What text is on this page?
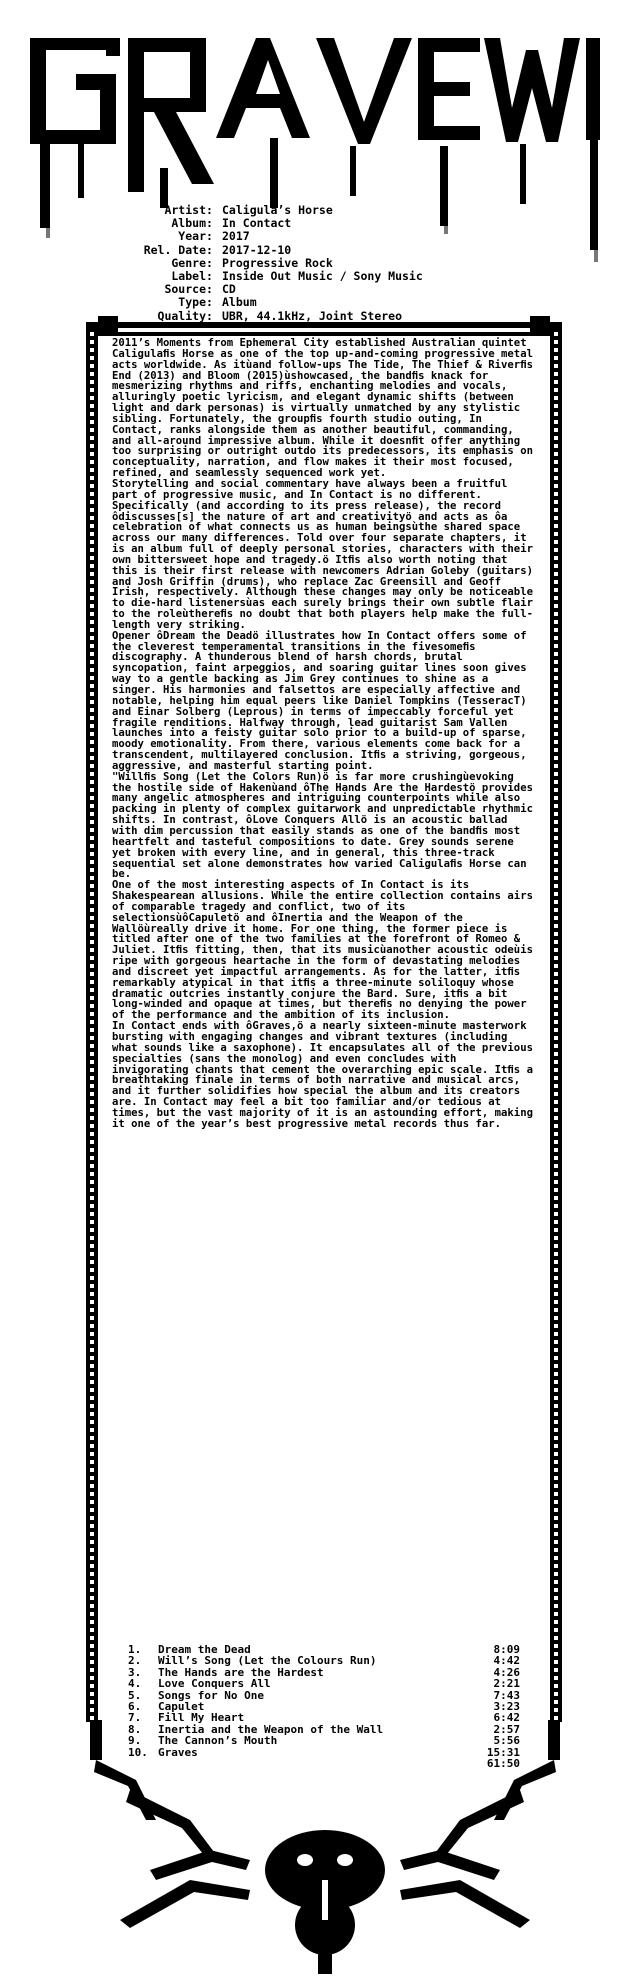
GRAVEWISH
Artist : Caligula’s Horse
Album : In Contact
Year : 2017
Rel. Date : 2017-12-10
Genre : Progressive Rock
Label : Inside Out Music / Sony Music
Source : CD
Type : Album
Quality : UBR, 44.1kHz, Joint Stereo

2011’s Moments from Ephemeral City established Australian quintet Caligulaﬁs Horse as one of the top up-and-coming progressive metal acts worldwide. As itùand follow-ups The Tide, The Thief & Riverﬁs End (2013) and Bloom (2015)ùshowcased, the bandﬁs knack for mesmerizing rhythms and riffs, enchanting melodies and vocals, alluringly poetic lyricism, and elegant dynamic shifts (between light and dark personas) is virtually unmatched by any stylistic sibling. Fortunately, the groupﬁs fourth studio outing, In Contact, ranks alongside them as another beautiful, commanding, and all-around impressive album. While it doesnﬁt offer anything too surprising or outright outdo its predecessors, its emphasis on conceptuality, narration, and flow makes it their most focused, refined, and seamlessly sequenced work yet.

Storytelling and social commentary have always been a fruitful part of progressive music, and In Contact is no different. Specifically (and according to its press release), the record ôdiscusses[s] the nature of art and creativityö and acts as ôa celebration of what connects us as human beingsùthe shared space across our many differences. Told over four separate chapters, it is an album full of deeply personal stories, characters with their own bittersweet hope and tragedy.ö Itﬁs also worth noting that this is their first release with newcomers Adrian Goleby (guitars) and Josh Griffin (drums), who replace Zac Greensill and Geoff Irish, respectively. Although these changes may only be noticeable to die-hard listenersùas each surely brings their own subtle flair to the roleùthereﬁs no doubt that both players help make the full-length very striking.

Opener ôDream the Deadö illustrates how In Contact offers some of the cleverest temperamental transitions in the fivesomeﬁs discography. A thunderous blend of harsh chords, brutal syncopation, faint arpeggios, and soaring guitar lines soon gives way to a gentle backing as Jim Grey continues to shine as a singer. His harmonies and falsettos are especially affective and notable, helping him equal peers like Daniel Tompkins (TesseracT) and Einar Solberg (Leprous) in terms of impeccably forceful yet fragile renditions. Halfway through, lead guitarist Sam Vallen launches into a feisty guitar solo prior to a build-up of sparse, moody emotionality. From there, various elements come back for a transcendent, multilayered conclusion. Itﬁs a striving, gorgeous, aggressive, and masterful starting point.

"Willﬁs Song (Let the Colors Run)ö is far more crushingùevoking the hostile side of Hakenùand ôThe Hands Are the Hardestö provides many angelic atmospheres and intriguing counterpoints while also packing in plenty of complex guitarwork and unpredictable rhythmic shifts. In contrast, ôLove Conquers Allö is an acoustic ballad with dim percussion that easily stands as one of the bandﬁs most heartfelt and tasteful compositions to date. Grey sounds serene yet broken with every line, and in general, this three-track sequential set alone demonstrates how varied Caligulaﬁs Horse can be.

One of the most interesting aspects of In Contact is its Shakespearean allusions. While the entire collection contains airs of comparable tragedy and conflict, two of its selectionsùôCapuletö and ôInertia and the Weapon of the Wallöùreally drive it home. For one thing, the former piece is titled after one of the two families at the forefront of Romeo & Juliet. Itﬁs fitting, then, that its musicùanother acoustic odeùis ripe with gorgeous heartache in the form of devastating melodies and discreet yet impactful arrangements. As for the latter, itﬁs remarkably atypical in that itﬁs a three-minute soliloquy whose dramatic outcries instantly conjure the Bard. Sure, itﬁs a bit long-winded and opaque at times, but thereﬁs no denying the power of the performance and the ambition of its inclusion.

In Contact ends with ôGraves,ö a nearly sixteen-minute masterwork bursting with engaging changes and vibrant textures (including what sounds like a saxophone). It encapsulates all of the previous specialties (sans the monolog) and even concludes with invigorating chants that cement the overarching epic scale. Itﬁs a breathtaking finale in terms of both narrative and musical arcs, and it further solidifies how special the album and its creators are. In Contact may feel a bit too familiar and/or tedious at times, but the vast majority of it is an astounding effort, making it one of the year’s best progressive metal records thus far.

1.	Dream the Dead	8:09
2.	Will’s Song (Let the Colours Run)	4:42
3.	The Hands are the Hardest	4:26
4.	Love Conquers All	2:21
5.	Songs for No One	7:43
6.	Capulet	3:23
7.	Fill My Heart	6:42
8.	Inertia and the Weapon of the Wall	2:57
9.	The Cannon’s Mouth	5:56
10. Graves	15:31
61:50
